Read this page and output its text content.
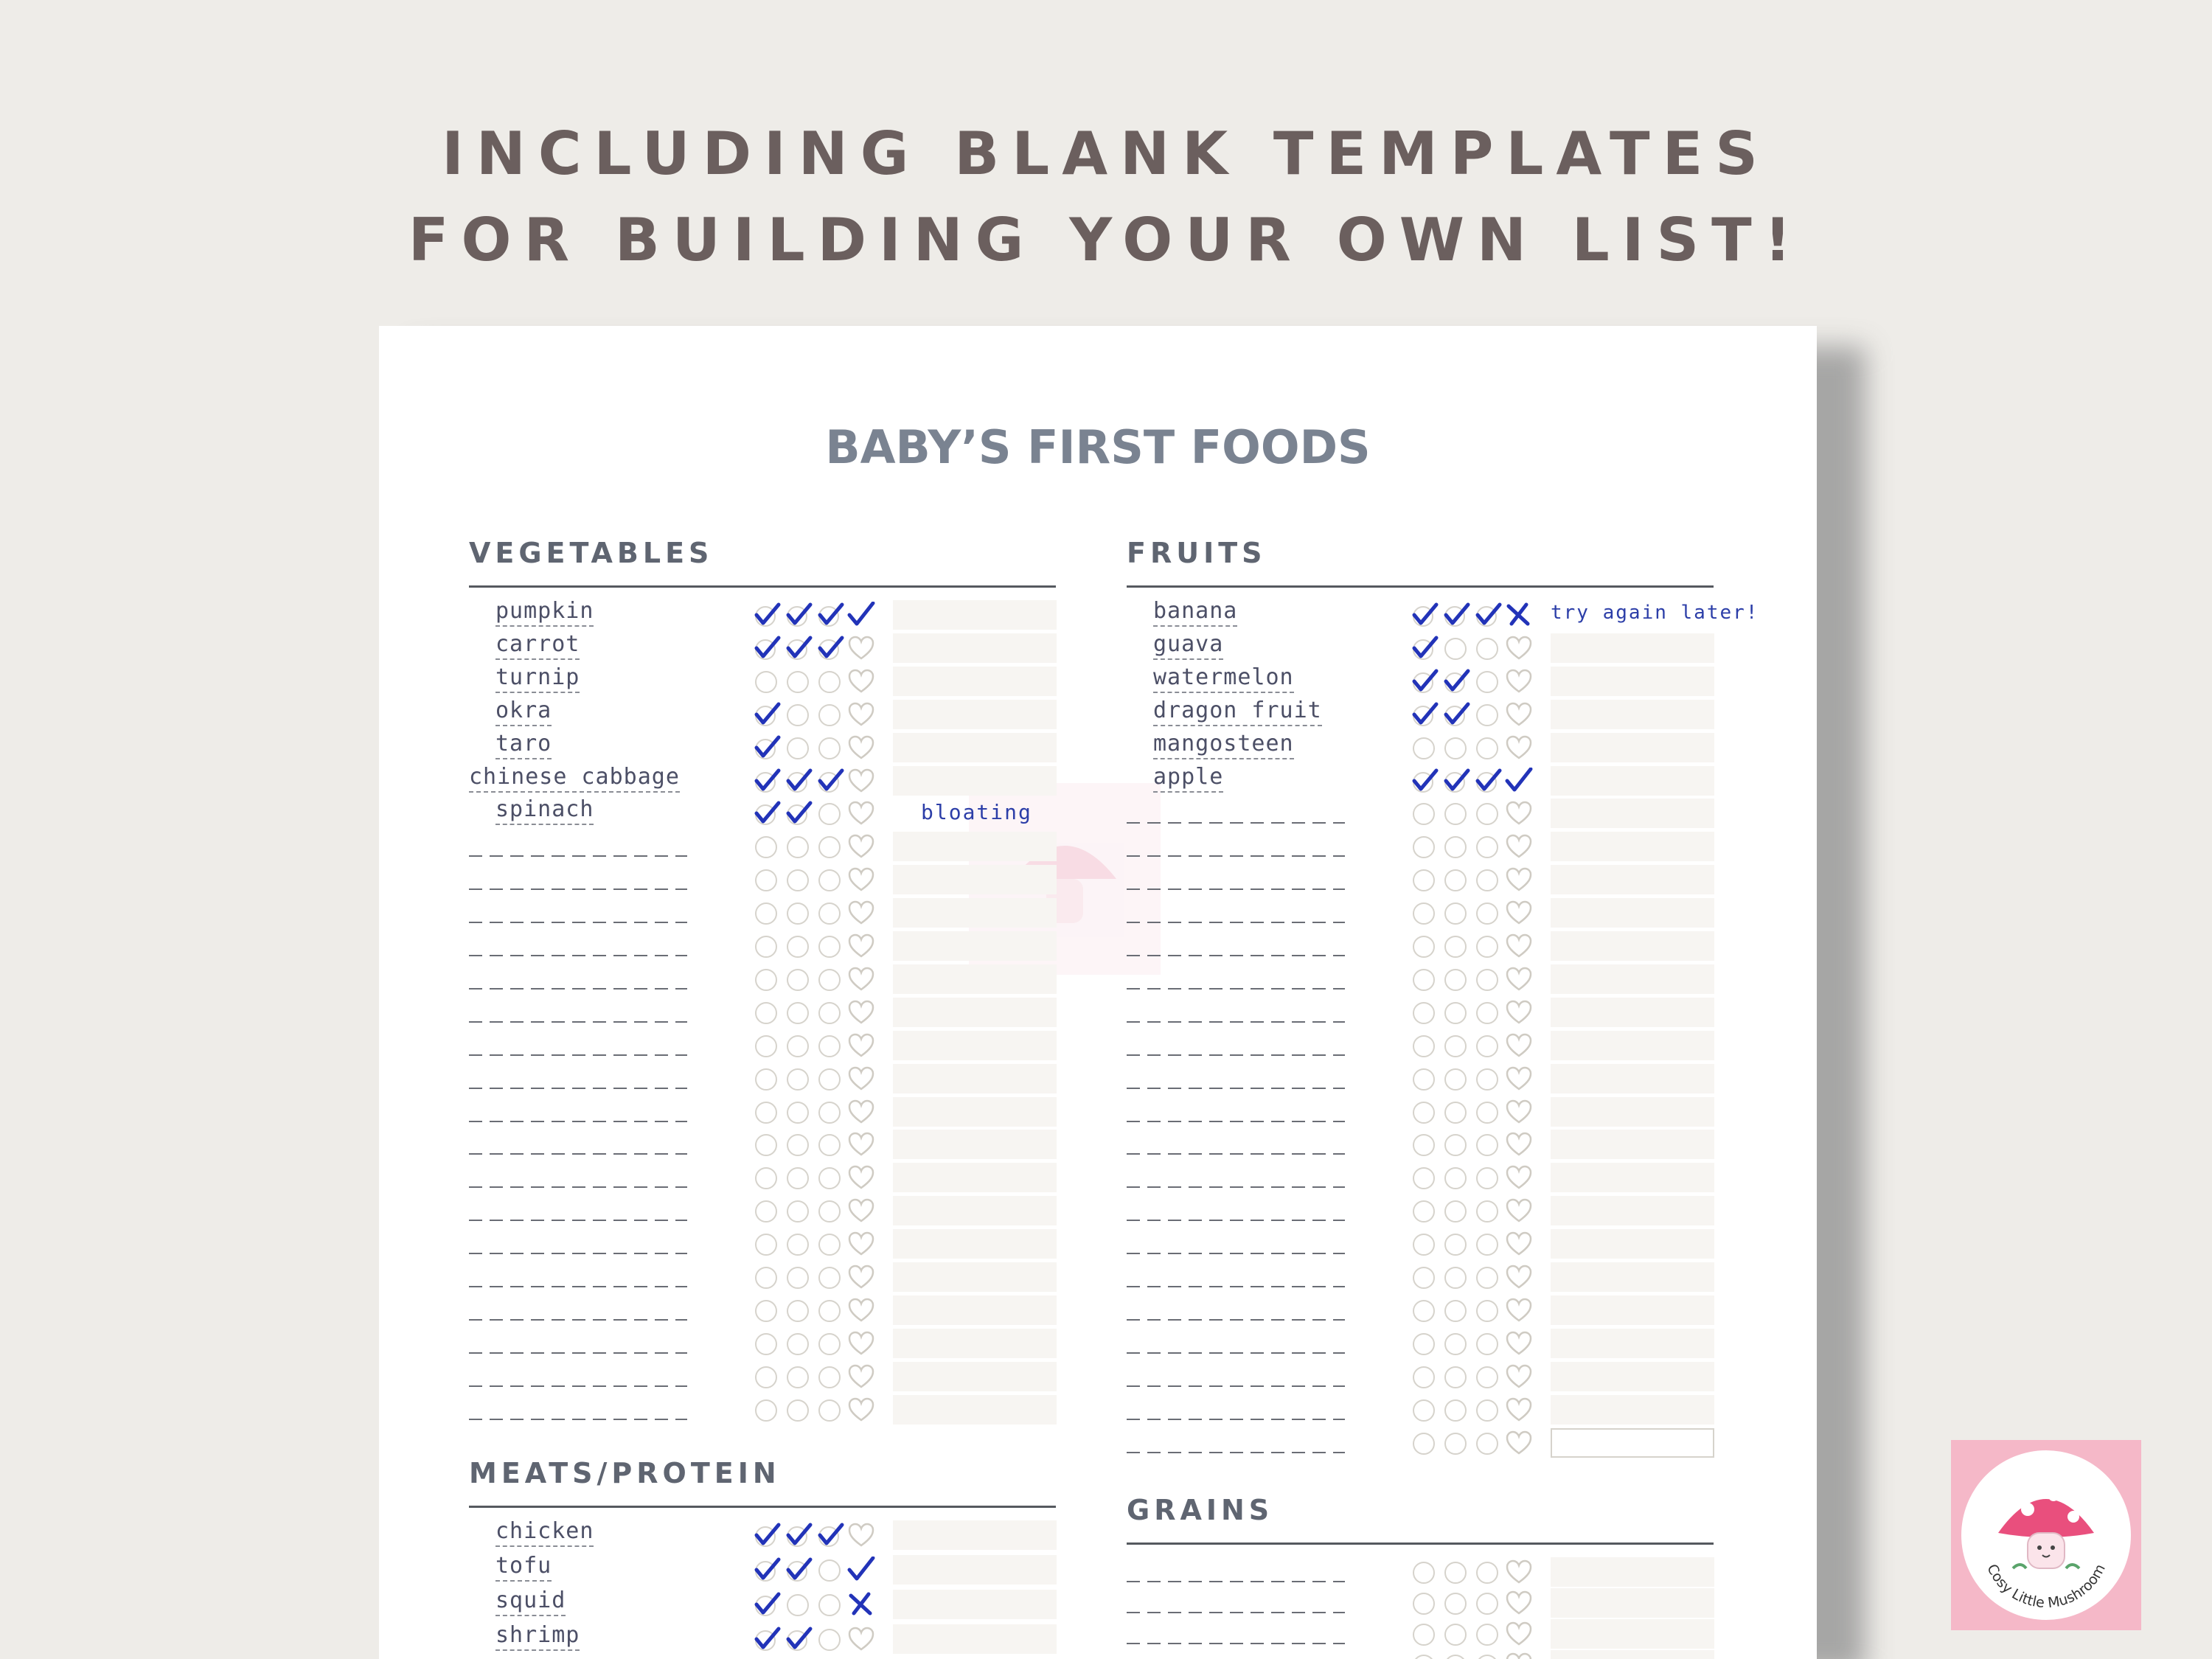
INCLUDING BLANK TEMPLATES
FOR BUILDING YOUR OWN LIST!
BABY’S FIRST FOODS
VEGETABLES
pumpkin
carrot
turnip
okra
taro
chinese cabbage
spinach	bloating
FRUITS
banana	try again later!
guava
watermelon
dragon fruit
mangosteen
apple
MEATS/PROTEIN
chicken
tofu
squid
shrimp
GRAINS
Cosy Little Mushroom
